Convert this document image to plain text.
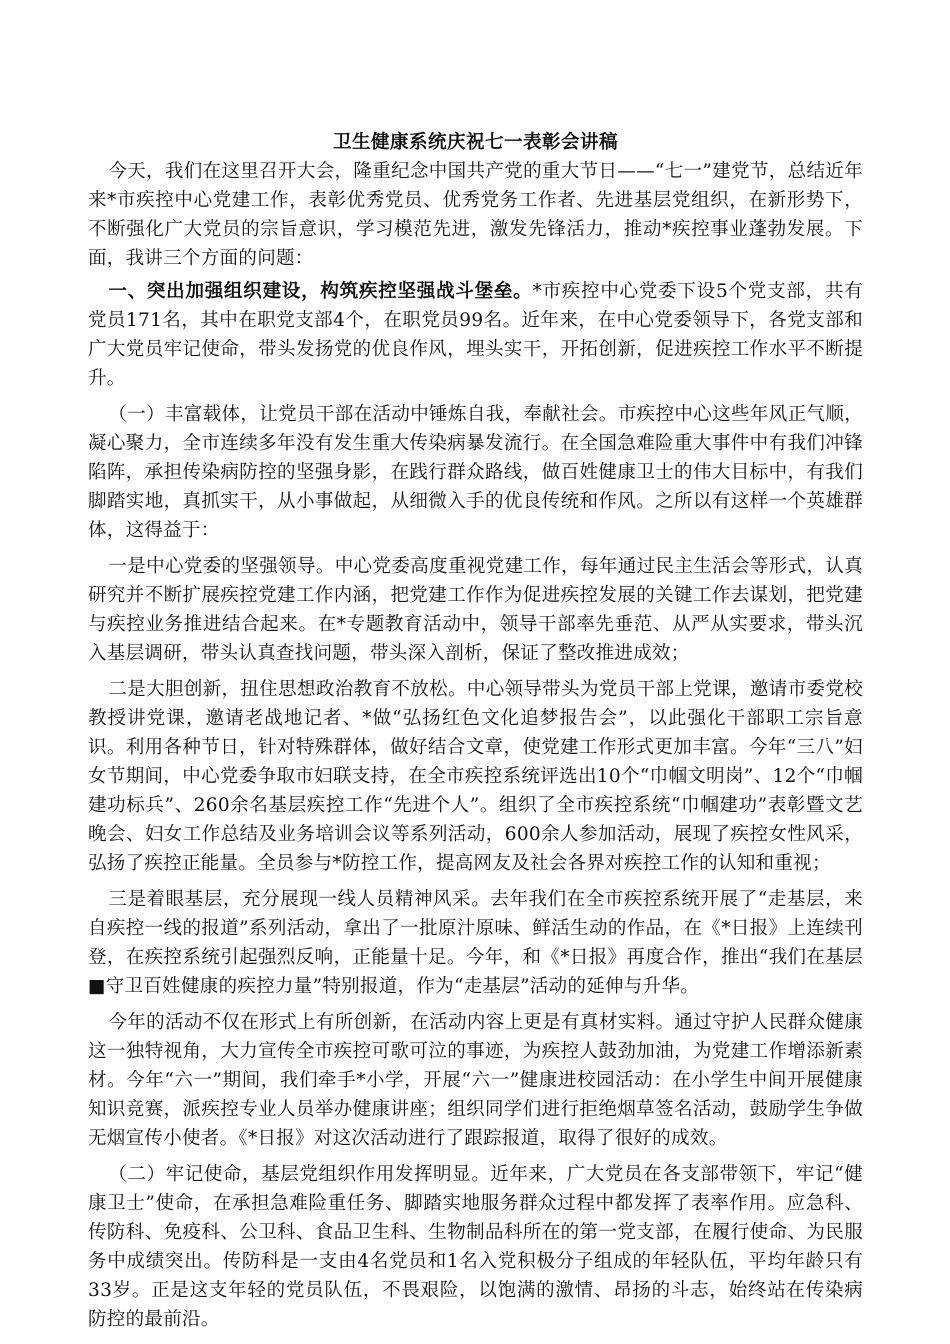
卫生健康系统庆祝七一表彰会讲稿

今天，我们在这里召开大会，隆重纪念中国共产党的重大节日——“七一”建党节，总结近年来*市疾控中心党建工作，表彰优秀党员、优秀党务工作者、先进基层党组织，在新形势下，不断强化广大党员的宗旨意识，学习模范先进，激发先锋活力，推动*疾控事业蓬勃发展。下面，我讲三个方面的问题：

一、突出加强组织建设，构筑疾控坚强战斗堡垒。*市疾控中心党委下设5个党支部，共有党员171名，其中在职党支部4个，在职党员99名。近年来，在中心党委领导下，各党支部和广大党员牢记使命，带头发扬党的优良作风，埋头实干，开拓创新，促进疾控工作水平不断提升。

（一）丰富载体，让党员干部在活动中锤炼自我，奉献社会。市疾控中心这些年风正气顺，凝心聚力，全市连续多年没有发生重大传染病暴发流行。在全国急难险重大事件中有我们冲锋陷阵，承担传染病防控的坚强身影，在践行群众路线，做百姓健康卫士的伟大目标中，有我们脚踏实地，真抓实干，从小事做起，从细微入手的优良传统和作风。之所以有这样一个英雄群体，这得益于：

一是中心党委的坚强领导。中心党委高度重视党建工作，每年通过民主生活会等形式，认真研究并不断扩展疾控党建工作内涵，把党建工作作为促进疾控发展的关键工作去谋划，把党建与疾控业务推进结合起来。在*专题教育活动中，领导干部率先垂范、从严从实要求，带头沉入基层调研，带头认真查找问题，带头深入剖析，保证了整改推进成效；

二是大胆创新，扭住思想政治教育不放松。中心领导带头为党员干部上党课，邀请市委党校教授讲党课，邀请老战地记者、*做“弘扬红色文化追梦报告会”，以此强化干部职工宗旨意识。利用各种节日，针对特殊群体，做好结合文章，使党建工作形式更加丰富。今年“三八”妇女节期间，中心党委争取市妇联支持，在全市疾控系统评选出10个“巾帼文明岗”、12个“巾帼建功标兵”、260余名基层疾控工作“先进个人”。组织了全市疾控系统“巾帼建功”表彰暨文艺晚会、妇女工作总结及业务培训会议等系列活动，600余人参加活动，展现了疾控女性风采，弘扬了疾控正能量。全员参与*防控工作，提高网友及社会各界对疾控工作的认知和重视；

三是着眼基层，充分展现一线人员精神风采。去年我们在全市疾控系统开展了“走基层，来自疾控一线的报道”系列活动，拿出了一批原汁原味、鲜活生动的作品，在《*日报》上连续刊登，在疾控系统引起强烈反响，正能量十足。今年，和《*日报》再度合作，推出“我们在基层■守卫百姓健康的疾控力量”特别报道，作为“走基层”活动的延伸与升华。

今年的活动不仅在形式上有所创新，在活动内容上更是有真材实料。通过守护人民群众健康这一独特视角，大力宣传全市疾控可歌可泣的事迹，为疾控人鼓劲加油，为党建工作增添新素材。今年“六一”期间，我们牵手*小学，开展“六一”健康进校园活动：在小学生中间开展健康知识竞赛，派疾控专业人员举办健康讲座；组织同学们进行拒绝烟草签名活动，鼓励学生争做无烟宣传小使者。《*日报》对这次活动进行了跟踪报道，取得了很好的成效。

（二）牢记使命，基层党组织作用发挥明显。近年来，广大党员在各支部带领下，牢记“健康卫士”使命，在承担急难险重任务、脚踏实地服务群众过程中都发挥了表率作用。应急科、传防科、免疫科、公卫科、食品卫生科、生物制品科所在的第一党支部，在履行使命、为民服务中成绩突出。传防科是一支由4名党员和1名入党积极分子组成的年轻队伍，平均年龄只有33岁。正是这支年轻的党员队伍，不畏艰险，以饱满的激情、昂扬的斗志，始终站在传染病防控的最前沿。
